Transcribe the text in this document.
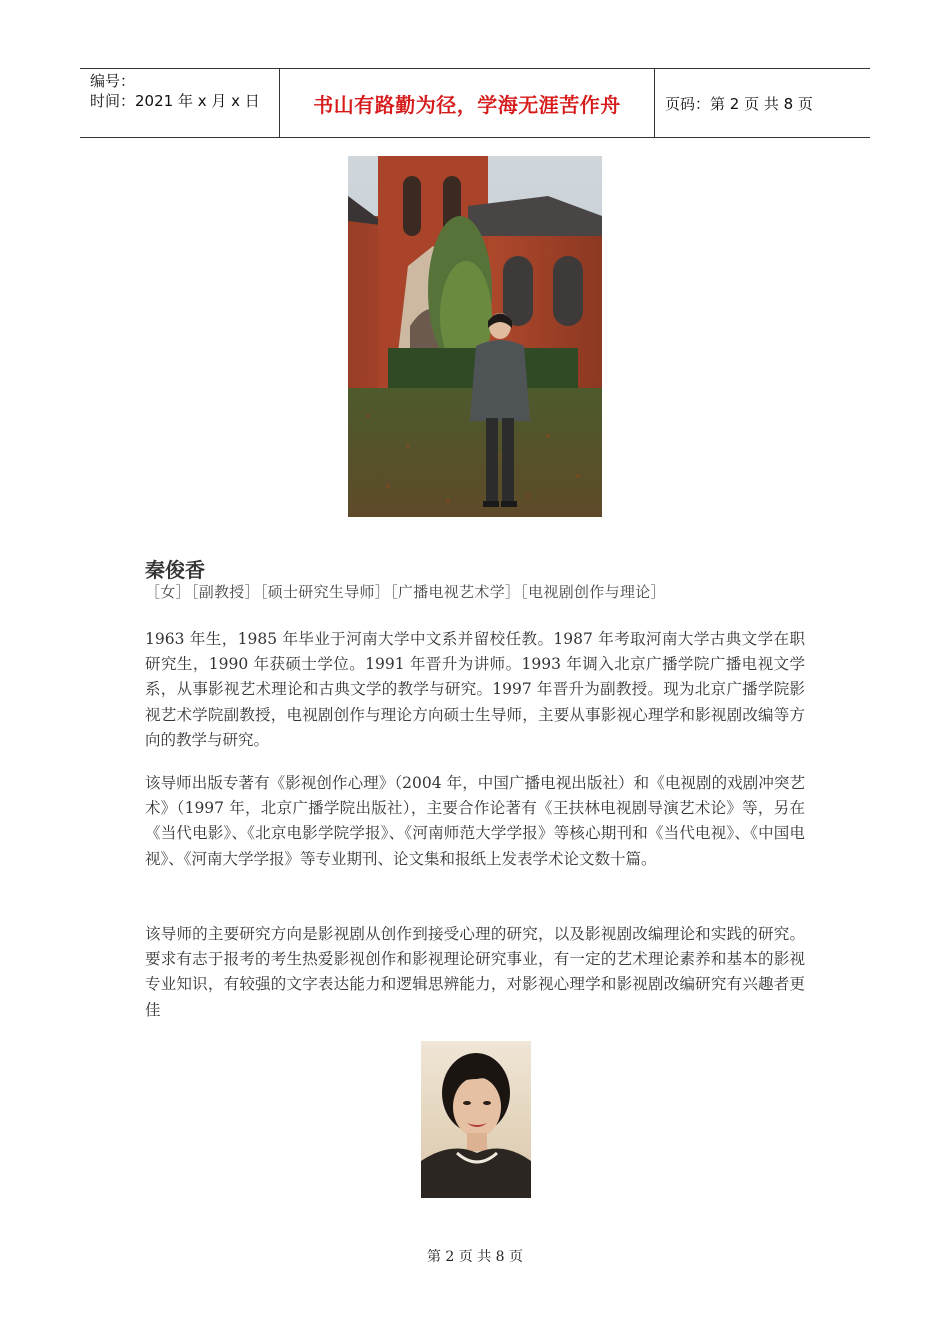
编号：
时间：2021 年 x 月 x 日	书山有路勤为径，学海无涯苦作舟	页码：第 2 页 共 8 页
秦俊香
［女］［副教授］［硕士研究生导师］［广播电视艺术学］［电视剧创作与理论］
1963 年生，1985 年毕业于河南大学中文系并留校任教。1987 年考取河南大学古典文学在职研究生，1990 年获硕士学位。1991 年晋升为讲师。1993 年调入北京广播学院广播电视文学系，从事影视艺术理论和古典文学的教学与研究。1997 年晋升为副教授。现为北京广播学院影视艺术学院副教授，电视剧创作与理论方向硕士生导师，主要从事影视心理学和影视剧改编等方向的教学与研究。
该导师出版专著有《影视创作心理》（2004 年，中国广播电视出版社）和《电视剧的戏剧冲突艺术》（1997 年，北京广播学院出版社），主要合作论著有《王扶林电视剧导演艺术论》等，另在《当代电影》、《北京电影学院学报》、《河南师范大学学报》等核心期刊和《当代电视》、《中国电视》、《河南大学学报》等专业期刊、论文集和报纸上发表学术论文数十篇。
该导师的主要研究方向是影视剧从创作到接受心理的研究，以及影视剧改编理论和实践的研究。要求有志于报考的考生热爱影视创作和影视理论研究事业，有一定的艺术理论素养和基本的影视专业知识，有较强的文字表达能力和逻辑思辨能力，对影视心理学和影视剧改编研究有兴趣者更佳
第 2 页 共 8 页
